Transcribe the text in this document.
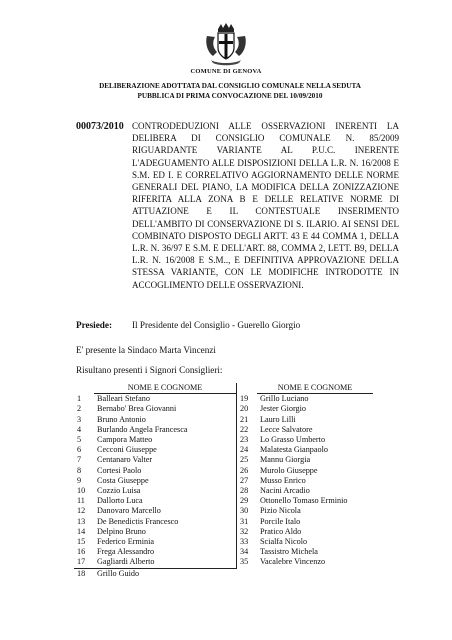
COMUNE DI GENOVA
DELIBERAZIONE ADOTTATA DAL CONSIGLIO COMUNALE NELLA SEDUTA PUBBLICA DI PRIMA CONVOCAZIONE DEL 10/09/2010
00073/2010 CONTRODEDUZIONI ALLE OSSERVAZIONI INERENTI LA DELIBERA DI CONSIGLIO COMUNALE N. 85/2009 RIGUARDANTE VARIANTE AL P.U.C. INERENTE L'ADEGUAMENTO ALLE DISPOSIZIONI DELLA L.R. N. 16/2008 E S.M. ED I. E CORRELATIVO AGGIORNAMENTO DELLE NORME GENERALI DEL PIANO, LA MODIFICA DELLA ZONIZZAZIONE RIFERITA ALLA ZONA B E DELLE RELATIVE NORME DI ATTUAZIONE E IL CONTESTUALE INSERIMENTO DELL'AMBITO DI CONSERVAZIONE DI S. ILARIO. AI SENSI DEL COMBINATO DISPOSTO DEGLI ARTT. 43 E 44 COMMA 1, DELLA L.R. N. 36/97 E S.M. E DELL'ART. 88, COMMA 2, LETT. B9, DELLA L.R. N. 16/2008 E S.M.., E DEFINITIVA APPROVAZIONE DELLA STESSA VARIANTE, CON LE MODIFICHE INTRODOTTE IN ACCOGLIMENTO DELLE OSSERVAZIONI.
Presiede: Il Presidente del Consiglio - Guerello Giorgio
E' presente la Sindaco Marta Vincenzi
Risultano presenti i Signori Consiglieri:
	NOME E COGNOME		NOME E COGNOME
1	Balleari Stefano	19	Grillo Luciano
2	Bernabo' Brea Giovanni	20	Jester Giorgio
3	Bruno Antonio	21	Lauro Lilli
4	Burlando Angela Francesca	22	Lecce Salvatore
5	Campora Matteo	23	Lo Grasso Umberto
6	Cecconi Giuseppe	24	Malatesta Gianpaolo
7	Centanaro Valter	25	Mannu Giorgia
8	Cortesi Paolo	26	Murolo Giuseppe
9	Costa Giuseppe	27	Musso Enrico
10	Cozzio Luisa	28	Nacini Arcadio
11	Dallorto Luca	29	Ottonello Tomaso Erminio
12	Danovaro Marcello	30	Pizio Nicola
13	De Benedictis Francesco	31	Porcile Italo
14	Delpino Bruno	32	Pratico Aldo
15	Federico Erminia	33	Scialfa Nicolo
16	Frega Alessandro	34	Tassistro Michela
17	Gagliardi Alberto	35	Vacalebre Vincenzo
18	Grillo Guido		
